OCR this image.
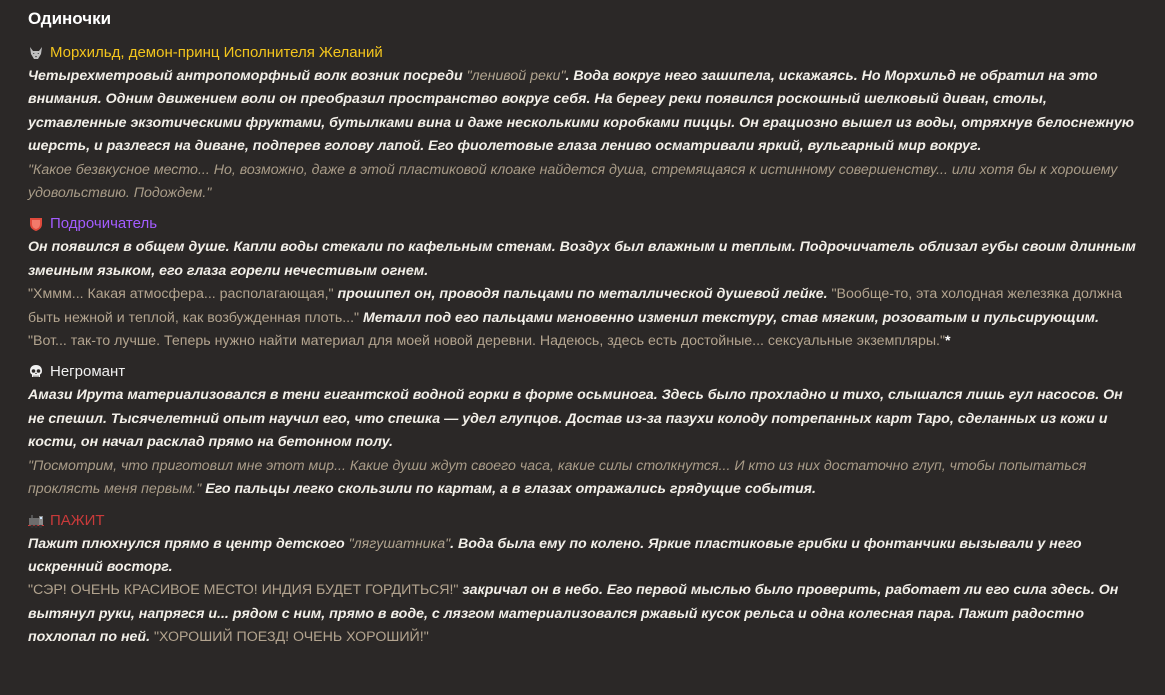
Одиночки
Морхильд, демон-принц Исполнителя Желаний

Четырехметровый антропоморфный волк возник посреди "ленивой реки". Вода вокруг него зашипела, искажаясь. Но Морхильд не обратил на это внимания. Одним движением воли он преобразил пространство вокруг себя. На берегу реки появился роскошный шелковый диван, столы, уставленные экзотическими фруктами, бутылками вина и даже несколькими коробками пиццы. Он грациозно вышел из воды, отряхнув белоснежную шерсть, и разлегся на диване, подперев голову лапой. Его фиолетовые глаза лениво осматривали яркий, вульгарный мир вокруг.

"Какое безвкусное место... Но, возможно, даже в этой пластиковой клоаке найдется душа, стремящаяся к истинному совершенству... или хотя бы к хорошему удовольствию. Подождем."

Подрочичатель

Он появился в общем душе. Капли воды стекали по кафельным стенам. Воздух был влажным и теплым. Подрочичатель облизал губы своим длинным змеиным языком, его глаза горели нечестивым огнем.

"Хммм... Какая атмосфера... располагающая," прошипел он, проводя пальцами по металлической душевой лейке. "Вообще-то, эта холодная железяка должна быть нежной и теплой, как возбужденная плоть..." Металл под его пальцами мгновенно изменил текстуру, став мягким, розоватым и пульсирующим. "Вот... так-то лучше. Теперь нужно найти материал для моей новой деревни. Надеюсь, здесь есть достойные... сексуальные экземпляры."*

Негромант

Амази Ирута материализовался в тени гигантской водной горки в форме осьминога. Здесь было прохладно и тихо, слышался лишь гул насосов. Он не спешил. Тысячелетний опыт научил его, что спешка — удел глупцов. Достав из-за пазухи колоду потрепанных карт Таро, сделанных из кожи и кости, он начал расклад прямо на бетонном полу.

"Посмотрим, что приготовил мне этот мир... Какие души ждут своего часа, какие силы столкнутся... И кто из них достаточно глуп, чтобы попытаться проклясть меня первым." Его пальцы легко скользили по картам, а в глазах отражались грядущие события.

ПАЖИТ

Пажит плюхнулся прямо в центр детского "лягушатника". Вода была ему по колено. Яркие пластиковые грибки и фонтанчики вызывали у него искренний восторг.

"СЭР! ОЧЕНЬ КРАСИВОЕ МЕСТО! ИНДИЯ БУДЕТ ГОРДИТЬСЯ!" закричал он в небо. Его первой мыслью было проверить, работает ли его сила здесь. Он вытянул руки, напрягся и... рядом с ним, прямо в воде, с лязгом материализовался ржавый кусок рельса и одна колесная пара. Пажит радостно похлопал по ней. "ХОРОШИЙ ПОЕЗД! ОЧЕНЬ ХОРОШИЙ!"
